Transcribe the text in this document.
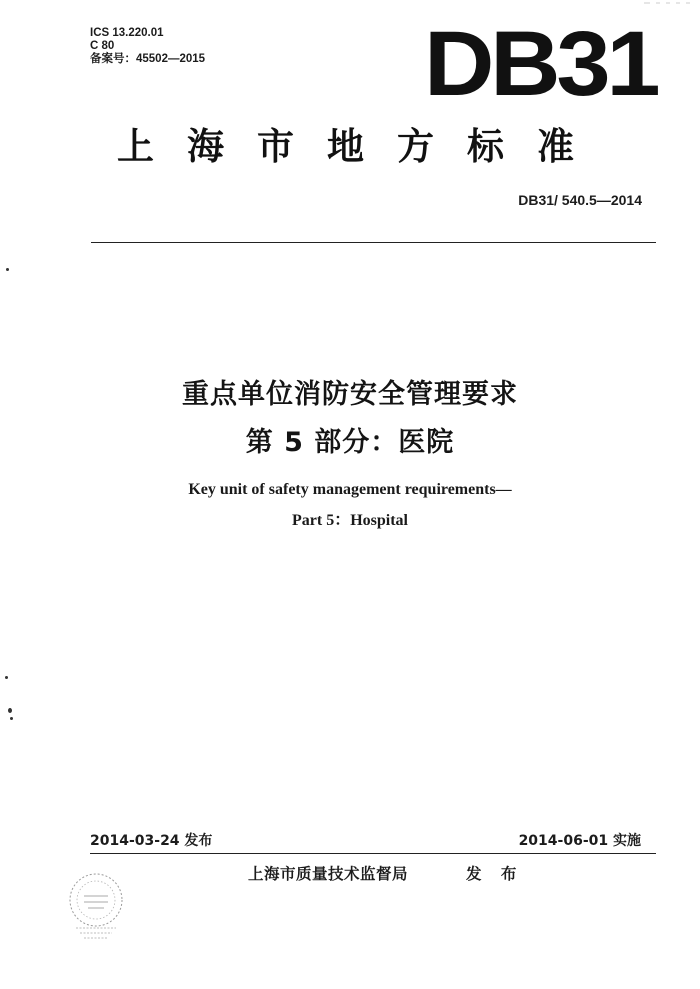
ICS 13.220.01
C 80
备案号：45502—2015 DB31
上海市地方标准
DB31/ 540.5—2014
重点单位消防安全管理要求
第 5 部分：医院
Key unit of safety management requirements—
Part 5：Hospital
2014-03-24 发布	2014-06-01 实施
上海市质量技术监督局	发 布
